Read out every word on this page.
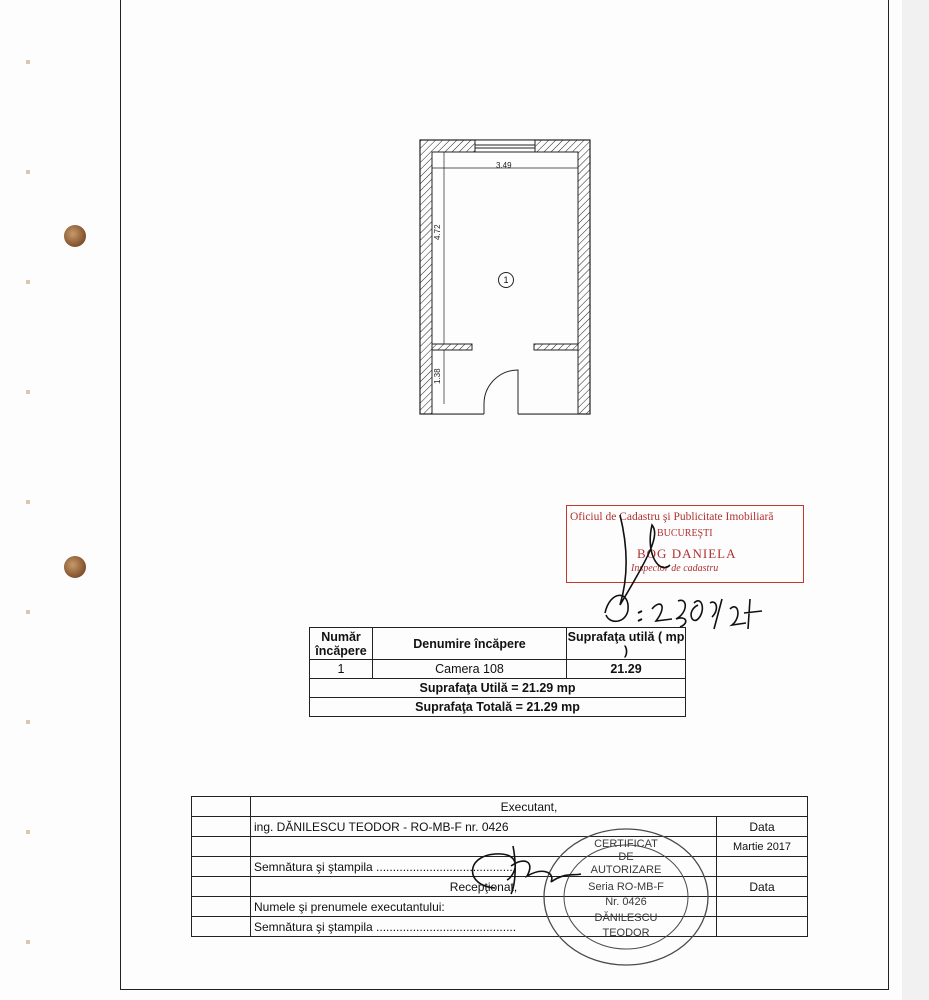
3.49
4.72
1.38
1
Oficiul de Cadastru şi Publicitate Imobiliară
BUCUREŞTI
BOG DANIELA
Inspector de cadastru
Număr încăpere	Denumire încăpere	Suprafaţa utilă ( mp )
1	Camera 108	21.29
Suprafaţa Utilă = 21.29 mp		
Suprafaţa Totală = 21.29 mp		
	Executant,	
	ing. DĂNILESCU TEODOR - RO-MB-F nr. 0426	Data
		Martie 2017
	Semnătura şi ştampila ..........................................	
	Recepţionat,	Data
	Numele şi prenumele executantului:	
	Semnătura şi ştampila ..........................................	
CERTIFICAT
DE
AUTORIZARE
Seria RO-MB-F
Nr. 0426
DĂNILESCU
TEODOR
